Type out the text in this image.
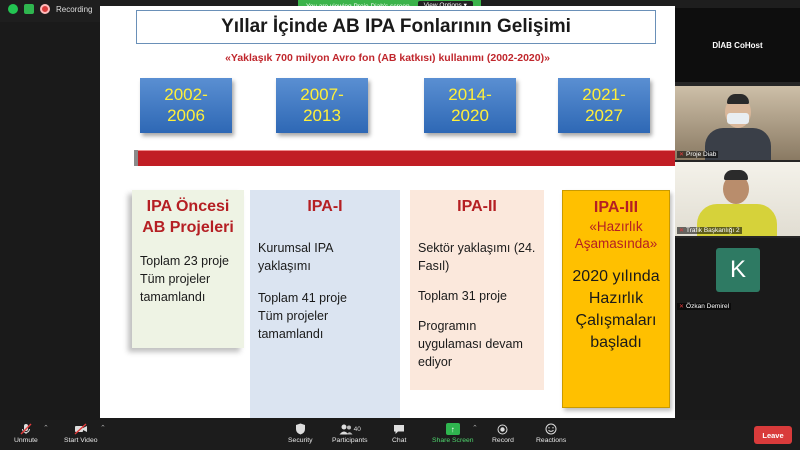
Recording
Yıllar İçinde AB IPA Fonlarının Gelişimi
«Yaklaşık 700 milyon Avro fon (AB katkısı) kullanımı (2002-2020)»
2002-
2006
2007-
2013
2014-
2020
2021-
2027
IPA Öncesi
AB Projeleri

Toplam 23 proje
Tüm projeler
tamamlandı

IPA-I

Kurumsal IPA
yaklaşımı

Toplam 41 proje
Tüm projeler
tamamlandı

IPA-II

Sektör yaklaşımı (24.
Fasıl)

Toplam 31 proje

Programın
uygulaması devam
ediyor

IPA-III
«Hazırlık
Aşamasında»
2020 yılında
Hazırlık
Çalışmaları
başladı
DİAB CoHost
✕ Proje Diab
✕ Trafik Başkanlığı 2
K
✕ Özkan Demirel
Unmute
⌃
Start Video
⌃
Security
40
Participants	Chat
↑
Share Screen
⌃
Record	Reactions
Leave
